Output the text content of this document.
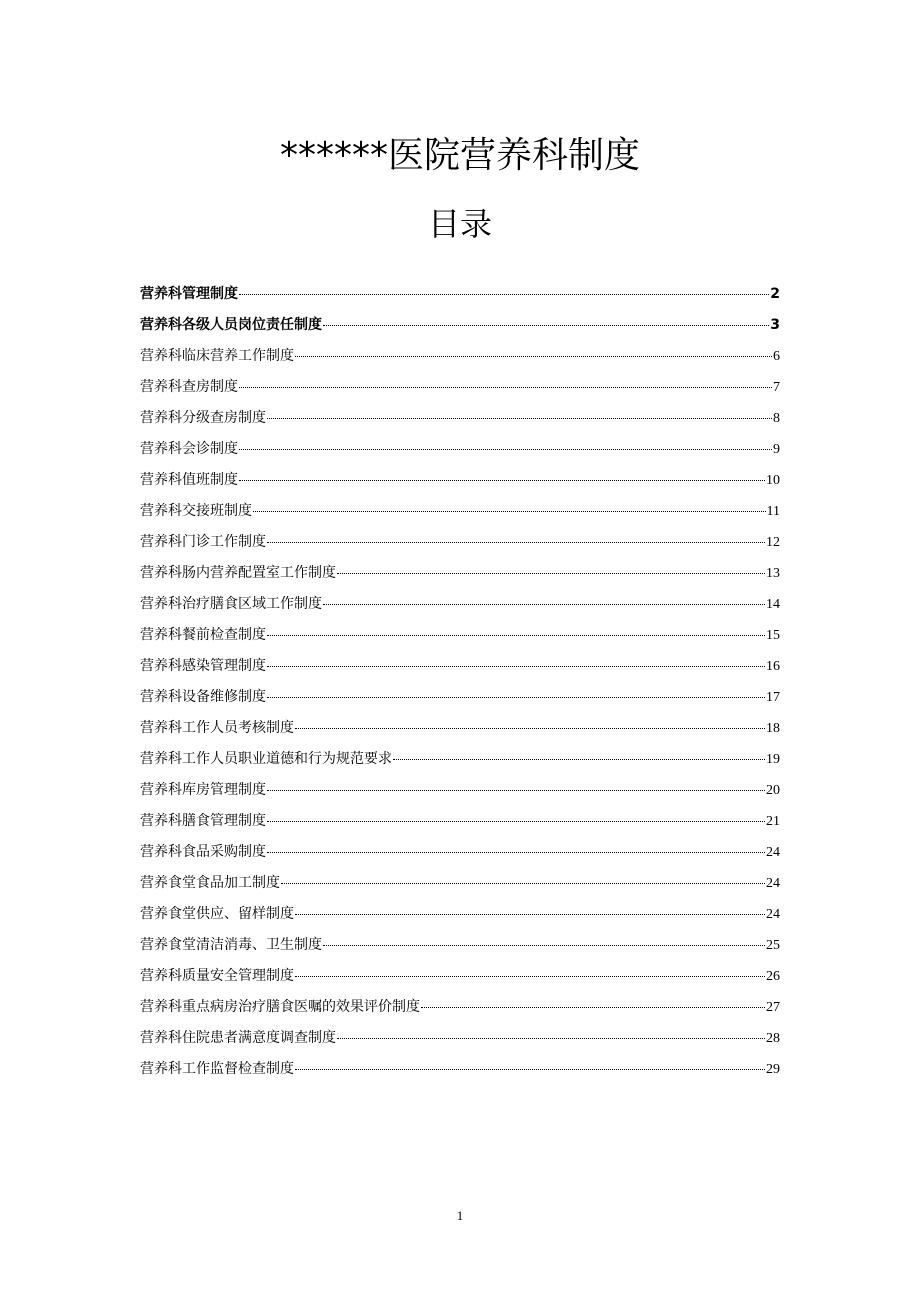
******医院营养科制度
目录
营养科管理制度	2
营养科各级人员岗位责任制度	3
营养科临床营养工作制度	6
营养科查房制度	7
营养科分级查房制度	8
营养科会诊制度	9
营养科值班制度	10
营养科交接班制度	11
营养科门诊工作制度	12
营养科肠内营养配置室工作制度	13
营养科治疗膳食区域工作制度	14
营养科餐前检查制度	15
营养科感染管理制度	16
营养科设备维修制度	17
营养科工作人员考核制度	18
营养科工作人员职业道德和行为规范要求	19
营养科库房管理制度	20
营养科膳食管理制度	21
营养科食品采购制度	24
营养食堂食品加工制度	24
营养食堂供应、留样制度	24
营养食堂清洁消毒、卫生制度	25
营养科质量安全管理制度	26
营养科重点病房治疗膳食医嘱的效果评价制度	27
营养科住院患者满意度调查制度	28
营养科工作监督检查制度	29
1
